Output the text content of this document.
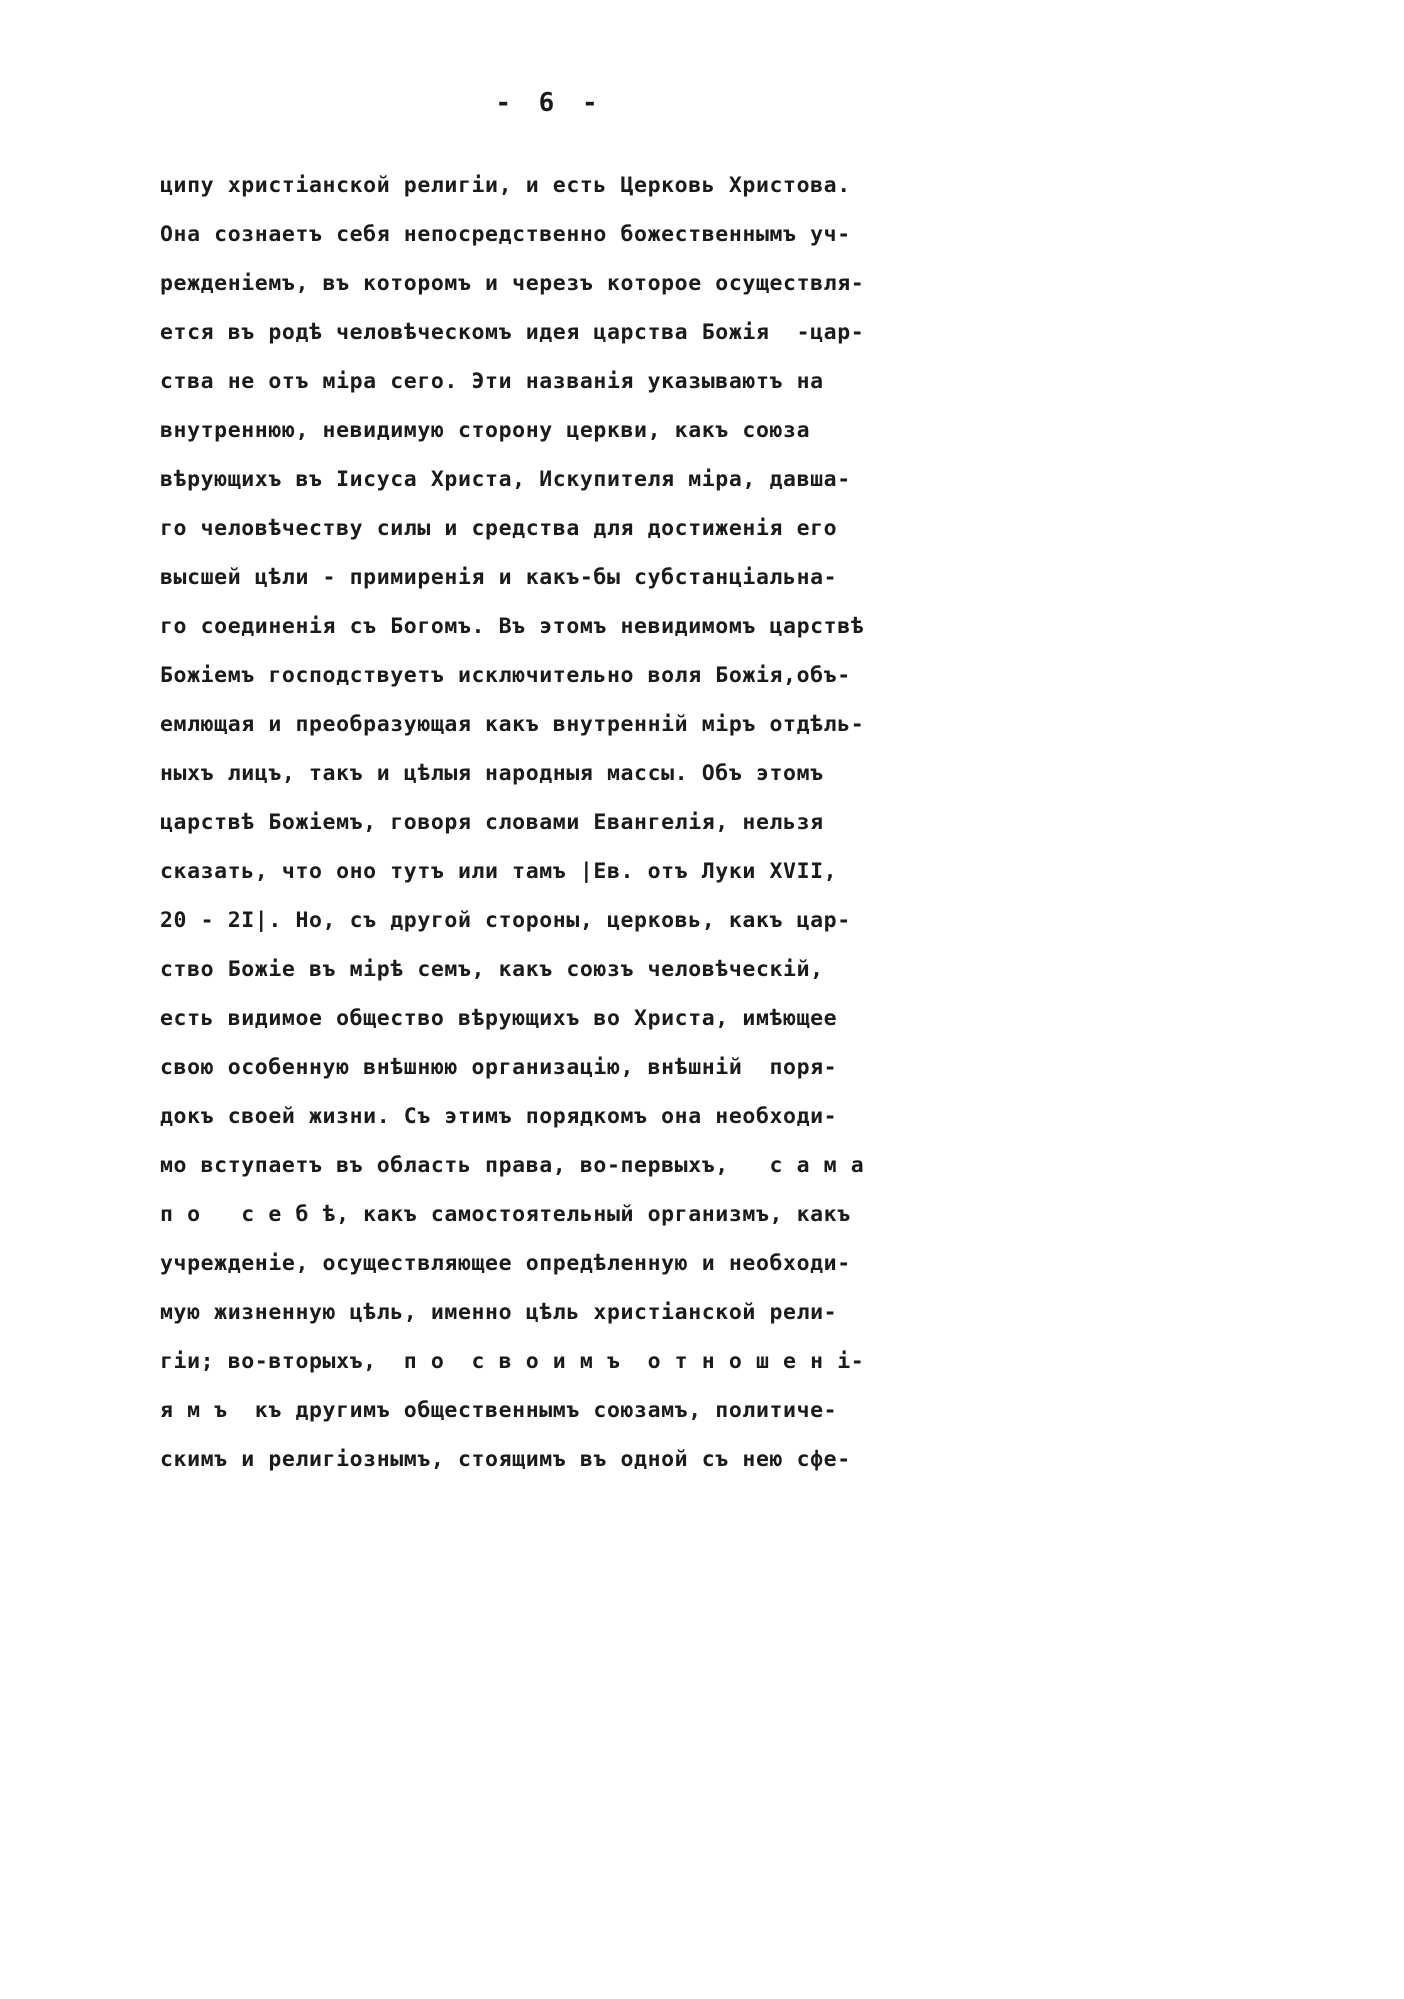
- 6 -
ципу христіанской религіи, и есть Церковь Христова.
Она сознаетъ себя непосредственно божественнымъ уч-
режденіемъ, въ которомъ и черезъ которое осуществля-
ется въ родѣ человѣческомъ идея царства Божія  -цар-
ства не отъ міра сего. Эти названія указываютъ на
внутреннюю, невидимую сторону церкви, какъ союза
вѣрующихъ въ Іисуса Христа, Искупителя міра, давша-
го человѣчеству силы и средства для достиженія его
высшей цѣли - примиренія и какъ-бы субстанціальна-
го соединенія съ Богомъ. Въ этомъ невидимомъ царствѣ
Божіемъ господствуетъ исключительно воля Божія,объ-
емлющая и преобразующая какъ внутренній міръ отдѣль-
ныхъ лицъ, такъ и цѣлыя народныя массы. Объ этомъ
царствѣ Божіемъ, говоря словами Евангелія, нельзя
сказать, что оно тутъ или тамъ |Ев. отъ Луки XVII,
20 - 2I|. Но, съ другой стороны, церковь, какъ цар-
ство Божіе въ мірѣ семъ, какъ союзъ человѣческій,
есть видимое общество вѣрующихъ во Христа, имѣющее
свою особенную внѣшнюю организацію, внѣшній  поря-
докъ своей жизни. Съ этимъ порядкомъ она необходи-
мо вступаетъ въ область права, во-первыхъ,   с а м а
п о   с е б ѣ, какъ самостоятельный организмъ, какъ
учрежденіе, осуществляющее опредѣленную и необходи-
мую жизненную цѣль, именно цѣль христіанской рели-
гіи; во-вторыхъ,  п о  с в о и м ъ  о т н о ш е н і-
я м ъ  къ другимъ общественнымъ союзамъ, политиче-
скимъ и религіознымъ, стоящимъ въ одной съ нею сфе-
